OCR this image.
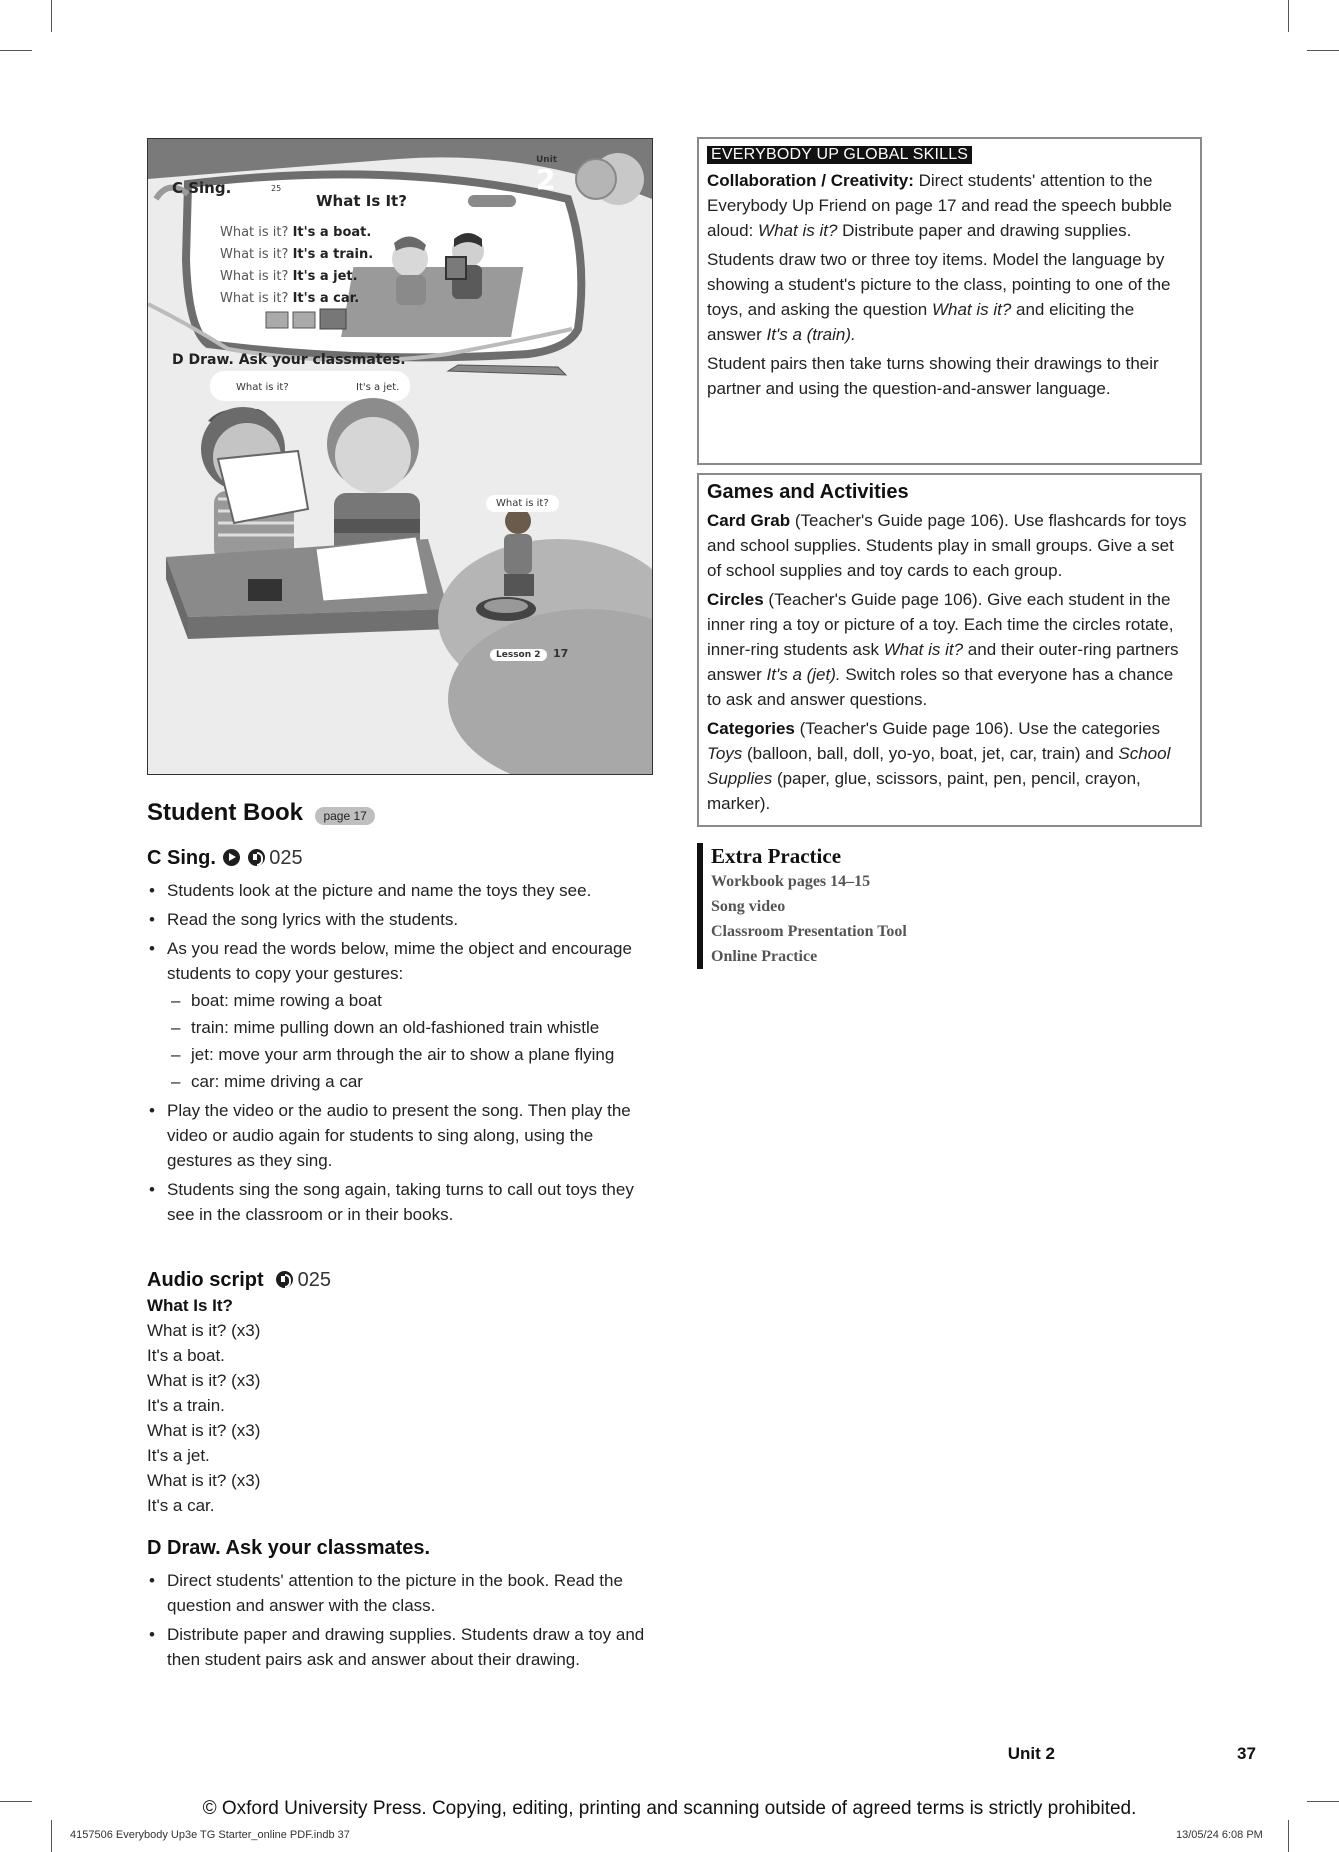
Unit
2
C Sing.	25
What Is It?
What is it? It's a boat.
What is it? It's a train.
What is it? It's a jet.
What is it? It's a car.
D Draw. Ask your classmates.
What is it?	It's a jet.
What is it?
Lesson 2	17
Student Book page 17
C Sing.	025
• Students look at the picture and name the toys they see.
• Read the song lyrics with the students.
• As you read the words below, mime the object and encourage students to copy your gestures:
– boat: mime rowing a boat
– train: mime pulling down an old-fashioned train whistle
– jet: move your arm through the air to show a plane flying
– car: mime driving a car
• Play the video or the audio to present the song. Then play the video or audio again for students to sing along, using the gestures as they sing.
• Students sing the song again, taking turns to call out toys they see in the classroom or in their books.
Audio script 025
What Is It?
What is it? (x3)
It's a boat.
What is it? (x3)
It's a train.
What is it? (x3)
It's a jet.
What is it? (x3)
It's a car.
D Draw. Ask your classmates.
• Direct students' attention to the picture in the book. Read the question and answer with the class.
• Distribute paper and drawing supplies. Students draw a toy and then student pairs ask and answer about their drawing.
EVERYBODY UP GLOBAL SKILLS

Collaboration / Creativity: Direct students' attention to the Everybody Up Friend on page 17 and read the speech bubble aloud: What is it? Distribute paper and drawing supplies.

Students draw two or three toy items. Model the language by showing a student's picture to the class, pointing to one of the toys, and asking the question What is it? and eliciting the answer It's a (train).

Student pairs then take turns showing their drawings to their partner and using the question-and-answer language.

Games and Activities

Card Grab (Teacher's Guide page 106). Use flashcards for toys and school supplies. Students play in small groups. Give a set of school supplies and toy cards to each group.

Circles (Teacher's Guide page 106). Give each student in the inner ring a toy or picture of a toy. Each time the circles rotate, inner-ring students ask What is it? and their outer-ring partners answer It's a (jet). Switch roles so that everyone has a chance to ask and answer questions.

Categories (Teacher's Guide page 106). Use the categories Toys (balloon, ball, doll, yo-yo, boat, jet, car, train) and School Supplies (paper, glue, scissors, paint, pen, pencil, crayon, marker).

Extra Practice
Workbook pages 14–15
Song video
Classroom Presentation Tool
Online Practice
Unit 2	37
© Oxford University Press. Copying, editing, printing and scanning outside of agreed terms is strictly prohibited.
4157506 Everybody Up3e TG Starter_online PDF.indb 37	13/05/24 6:08 PM
